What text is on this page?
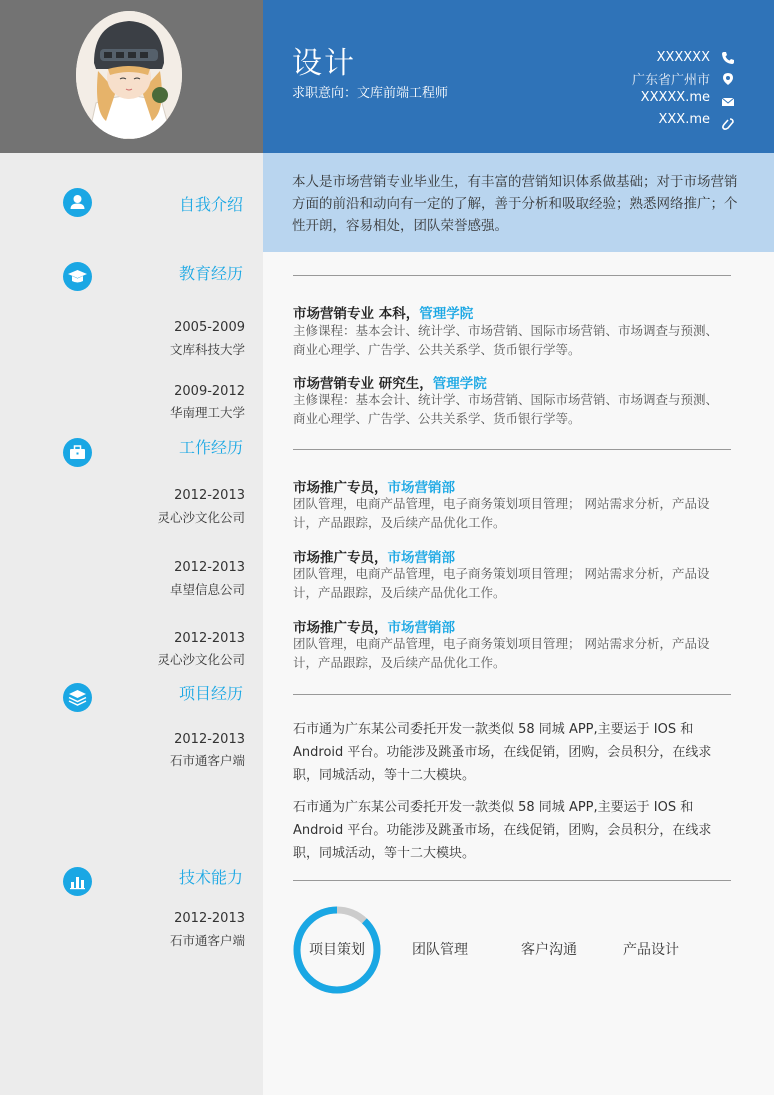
设计
求职意向：文库前端工程师
XXXXXX
广东省广州市
XXXXX.me
XXX.me
本人是市场营销专业毕业生，有丰富的营销知识体系做基础；对于市场营销方面的前沿和动向有一定的了解，善于分析和吸取经验；熟悉网络推广；个性开朗，容易相处，团队荣誉感强。
自我介绍
教育经历
2005-2009
文库科技大学
2009-2012
华南理工大学
市场营销专业 本科，管理学院
主修课程：基本会计、统计学、市场营销、国际市场营销、市场调查与预测、商业心理学、广告学、公共关系学、货币银行学等。
市场营销专业 研究生，管理学院
主修课程：基本会计、统计学、市场营销、国际市场营销、市场调查与预测、商业心理学、广告学、公共关系学、货币银行学等。
工作经历
2012-2013
灵心沙文化公司
2012-2013
卓望信息公司
2012-2013
灵心沙文化公司
市场推广专员，市场营销部
团队管理，电商产品管理，电子商务策划项目管理； 网站需求分析，产品设计，产品跟踪，及后续产品优化工作。
市场推广专员，市场营销部
团队管理，电商产品管理，电子商务策划项目管理； 网站需求分析，产品设计，产品跟踪，及后续产品优化工作。
市场推广专员，市场营销部
团队管理，电商产品管理，电子商务策划项目管理； 网站需求分析，产品设计，产品跟踪，及后续产品优化工作。
项目经历
2012-2013
石市通客户端
石市通为广东某公司委托开发一款类似 58 同城 APP,主要运于 IOS 和 Android 平台。功能涉及跳蚤市场，在线促销，团购，会员积分，在线求职，同城活动，等十二大模块。
石市通为广东某公司委托开发一款类似 58 同城 APP,主要运于 IOS 和 Android 平台。功能涉及跳蚤市场，在线促销，团购，会员积分，在线求职，同城活动，等十二大模块。
技术能力
2012-2013
石市通客户端
项目策划	团队管理	客户沟通	产品设计
